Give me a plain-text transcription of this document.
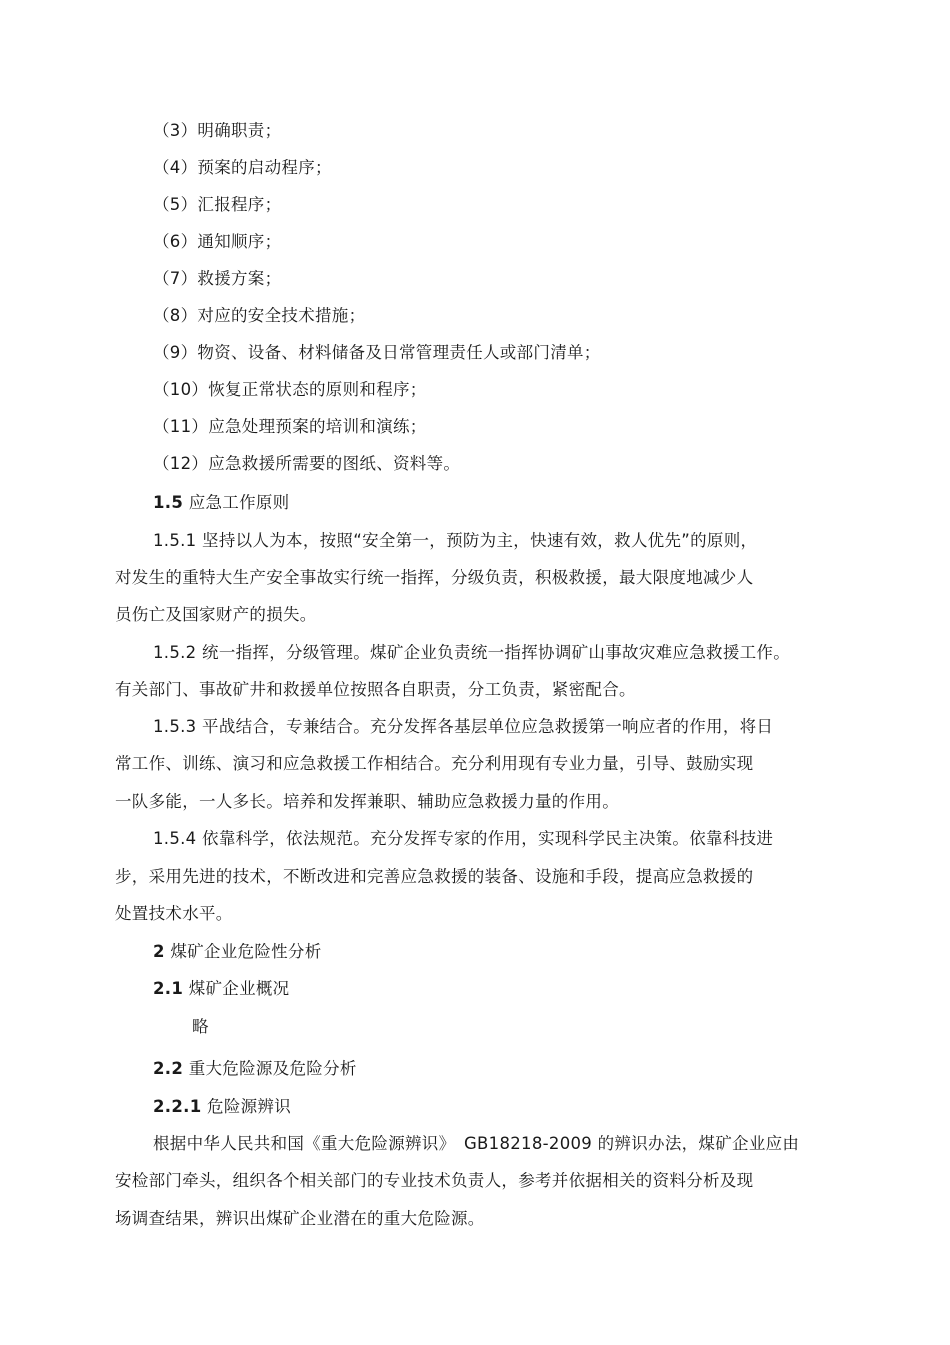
（3）明确职责；
（4）预案的启动程序；
（5）汇报程序；
（6）通知顺序；
（7）救援方案；
（8）对应的安全技术措施；
（9）物资、设备、材料储备及日常管理责任人或部门清单；
（10）恢复正常状态的原则和程序；
（11）应急处理预案的培训和演练；
（12）应急救援所需要的图纸、资料等。
1.5 应急工作原则
1.5.1 坚持以人为本，按照“安全第一，预防为主，快速有效，救人优先”的原则，
对发生的重特大生产安全事故实行统一指挥，分级负责，积极救援，最大限度地减少人
员伤亡及国家财产的损失。
1.5.2 统一指挥，分级管理。煤矿企业负责统一指挥协调矿山事故灾难应急救援工作。
有关部门、事故矿井和救援单位按照各自职责，分工负责，紧密配合。
1.5.3 平战结合，专兼结合。充分发挥各基层单位应急救援第一响应者的作用，将日
常工作、训练、演习和应急救援工作相结合。充分利用现有专业力量，引导、鼓励实现
一队多能，一人多长。培养和发挥兼职、辅助应急救援力量的作用。
1.5.4 依靠科学，依法规范。充分发挥专家的作用，实现科学民主决策。依靠科技进
步，采用先进的技术，不断改进和完善应急救援的装备、设施和手段，提高应急救援的
处置技术水平。
2 煤矿企业危险性分析
2.1 煤矿企业概况
略
2.2 重大危险源及危险分析
2.2.1 危险源辨识
根据中华人民共和国《重大危险源辨识》　GB18218-2009 的辨识办法，煤矿企业应由
安检部门牵头，组织各个相关部门的专业技术负责人，参考并依据相关的资料分析及现
场调查结果，辨识出煤矿企业潜在的重大危险源。
